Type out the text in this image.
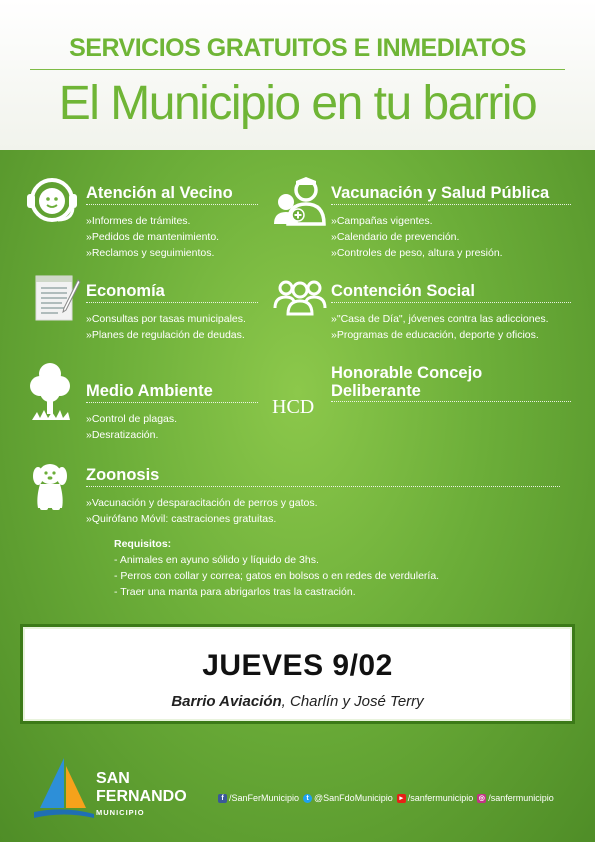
SERVICIOS GRATUITOS E INMEDIATOS
El Municipio en tu barrio
Atención al Vecino
»Informes de trámites.
»Pedidos de mantenimiento.
»Reclamos y seguimientos.
Vacunación y Salud Pública
»Campañas vigentes.
»Calendario de prevención.
»Controles de peso, altura y presión.
Economía
»Consultas por tasas municipales.
»Planes de regulación de deudas.
Contención Social
»"Casa de Día", jóvenes contra las adicciones.
»Programas de educación, deporte y oficios.
Medio Ambiente
»Control de plagas.
»Desratización.
HCD
Honorable Concejo
Deliberante
Zoonosis
»Vacunación y desparacitación de perros y gatos.
»Quirófano Móvil: castraciones gratuitas.
Requisitos:
- Animales en ayuno sólido y líquido de 3hs.
- Perros con collar y correa; gatos en bolsos o en redes de verdulería.
- Traer una manta para abrigarlos tras la castración.
JUEVES 9/02
Barrio Aviación, Charlín y José Terry
SAN
FERNANDO
MUNICIPIO
f /SanFerMunicipio	t @SanFdoMunicipio ▸ /sanfermunicipio ◎ /sanfermunicipio
